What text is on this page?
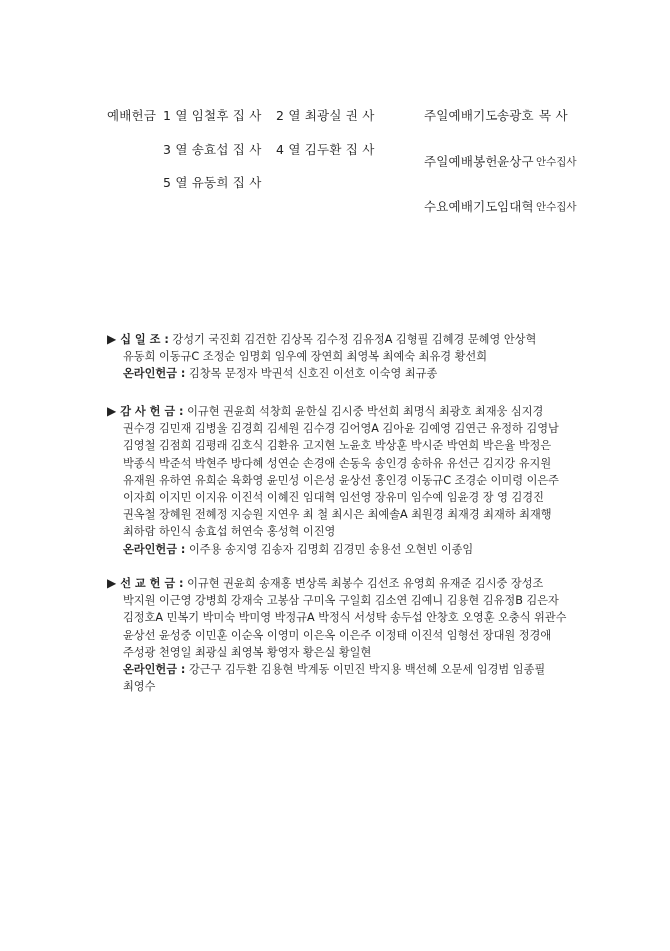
예배헌금 1 열 임철후 집 사 2 열 최광실 권 사
3 열 송효섭 집 사 4 열 김두환 집 사
5 열 유동희 집 사
주일예배기도 송광호 목 사
주일예배봉헌 윤상구 안수집사
수요예배기도 임대혁 안수집사
▶ 십 일 조 : 강성기 국진회 김건한 김상목 김수정 김유정A 김형필 김혜경 문혜영 안상혁
유동희 이동규C 조정순 임명회 임우예 장연희 최영복 최예숙 최유경 황선희
온라인헌금 : 김창목 문정자 박권석 신호진 이선호 이숙영 최규종
▶ 감 사 헌 금 : 이규현 권윤희 석창희 윤한실 김시중 박선희 최명식 최광호 최재웅 심지경
권수경 김민재 김병울 김경희 김세원 김수경 김어영A 김아윤 김예영 김연근 유정하 김영남
김영철 김점희 김평래 김호식 김환유 고지현 노윤호 박상훈 박시준 박연희 박은율 박정은
박종식 박준석 박현주 방다혜 성연순 손경애 손동욱 송인경 송하유 유선근 김지강 유지원
유재원 유하연 유희순 육화영 윤민성 이은성 윤상선 홍인경 이동규C 조경순 이미령 이은주
이자희 이지민 이지유 이진석 이혜진 임대혁 임선영 장유미 임수예 임윤경 장 영 김경진
권옥철 장혜원 전혜정 지승원 지연우 최 철 최시은 최예솔A 최원경 최재경 최재하 최재행
최하람 하인식 송효섭 허연숙 홍성혁 이진영
온라인헌금 : 이주용 송지영 김송자 김명회 김경민 송용선 오현빈 이종임
▶ 선 교 헌 금 : 이규현 권윤희 송재홍 변상록 최봉수 김선조 유영희 유재준 김시중 장성조
박지원 이근영 강병희 강재숙 고봉삼 구미옥 구일회 김소연 김예니 김용현 김유정B 김은자
김정호A 민복기 박미숙 박미영 박정규A 박정식 서성탁 송두섭 안창호 오영훈 오충식 위관수
윤상선 윤성중 이민훈 이순옥 이영미 이은옥 이은주 이정태 이진석 임형선 장대원 정경애
주성광 천영일 최광실 최영복 황영자 황은실 황일현
온라인헌금 : 강근구 김두환 김용현 박계동 이민진 박지용 백선혜 오문세 임경범 임종필
최영수
